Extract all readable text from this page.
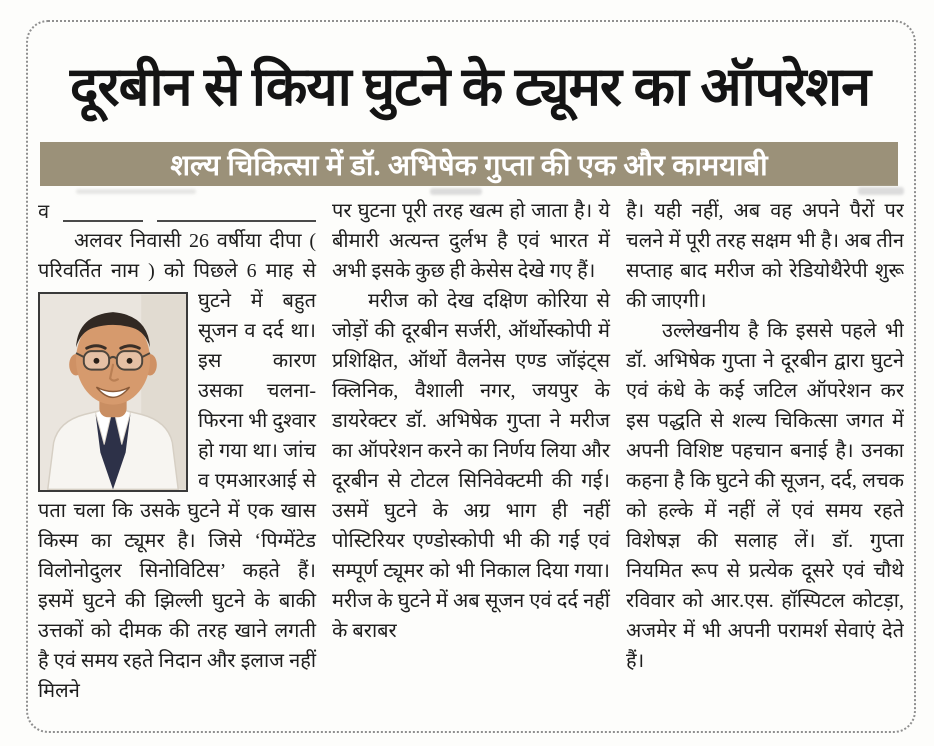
दूरबीन से किया घुटने के ट्यूमर का ऑपरेशन
शल्य चिकित्सा में डॉ. अभिषेक गुप्ता की एक और कामयाबी
व

अलवर निवासी 26 वर्षीया दीपा ( परिवर्तित नाम ) को पिछले 6 माह
से घुटने में बहुत सूजन व दर्द था। इस कारण उसका चलना-फिरना भी दुश्वार हो गया था। जांच व एमआरआई से पता चला कि उसके घुटने में एक खास किस्म का ट्यूमर है। जिसे ‘पिग्मेंटेड विलोनोदुलर सिनोविटिस’ कहते हैं। इसमें घुटने की झिल्ली घुटने के बाकी उत्तकों को दीमक की तरह खाने लगती है एवं समय रहते निदान और इलाज नहीं मिलने

पर घुटना पूरी तरह खत्म हो जाता है। ये बीमारी अत्यन्त दुर्लभ है एवं भारत में अभी इसके कुछ ही केसेस देखे गए हैं।

मरीज को देख दक्षिण कोरिया से जोड़ों की दूरबीन सर्जरी, ऑर्थोस्कोपी में प्रशिक्षित, ऑर्थो वैलनेस एण्ड जॉइंट्स क्लिनिक, वैशाली नगर, जयपुर के डायरेक्टर डॉ. अभिषेक गुप्ता ने मरीज का ऑपरेशन करने का निर्णय लिया और दूरबीन से टोटल सिनिवेक्टमी की गई। उसमें घुटने के अग्र भाग ही नहीं पोस्टिरियर एण्डोस्कोपी भी की गई एवं सम्पूर्ण ट्यूमर को भी निकाल दिया गया। मरीज के घुटने में अब सूजन एवं दर्द नहीं के बराबर

है। यही नहीं, अब वह अपने पैरों पर चलने में पूरी तरह सक्षम भी है। अब तीन सप्ताह बाद मरीज को रेडियोथैरेपी शुरू की जाएगी।

उल्लेखनीय है कि इससे पहले भी डॉ. अभिषेक गुप्ता ने दूरबीन द्वारा घुटने एवं कंधे के कई जटिल ऑपरेशन कर इस पद्धति से शल्य चिकित्सा जगत में अपनी विशिष्ट पहचान बनाई है। उनका कहना है कि घुटने की सूजन, दर्द, लचक को हल्के में नहीं लें एवं समय रहते विशेषज्ञ की सलाह लें। डॉ. गुप्ता नियमित रूप से प्रत्येक दूसरे एवं चौथे रविवार को आर.एस. हॉस्पिटल कोटड़ा, अजमेर में भी अपनी परामर्श सेवाएं देते हैं।
